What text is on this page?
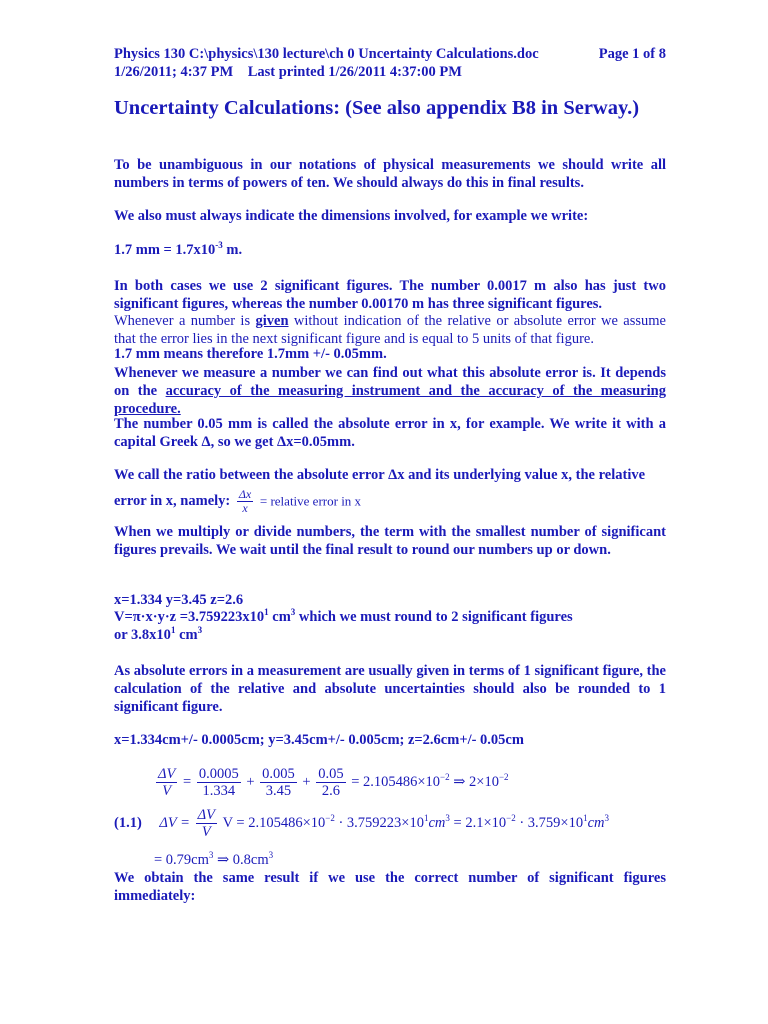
Physics 130 C:\physics\130 lecture\ch 0 Uncertainty Calculations.doc	Page 1 of 8
1/26/2011; 4:37 PM    Last printed 1/26/2011 4:37:00 PM
Uncertainty Calculations: (See also appendix B8 in Serway.)
To be unambiguous in our notations of physical measurements we should write all numbers in terms of powers of ten. We should always do this in final results.
We also must always indicate the dimensions involved, for example we write:
1.7 mm = $1.7x10^{-3}$ m.
In both cases we use 2 significant figures. The number 0.0017 m also has just two significant figures, whereas the number 0.00170 m has three significant figures.
Whenever a number is given without indication of the relative or absolute error we assume that the error lies in the next significant figure and is equal to 5 units of that figure.
1.7 mm means therefore 1.7mm +/- 0.05mm.
Whenever we measure a number we can find out what this absolute error is. It depends on the accuracy of the measuring instrument and the accuracy of the measuring procedure.
The number 0.05 mm is called the absolute error in x, for example. We write it with a capital Greek Δ, so we get Δx=0.05mm.
We call the ratio between the absolute error Δx and its underlying value x, the relative
error in x, namely: $\frac{\Delta x}{x}$ = relative error in x
When we multiply or divide numbers, the term with the smallest number of significant figures prevails. We wait until the final result to round our numbers up or down.
x=1.334 y=3.45 z=2.6
$V=\pi\cdot x\cdot y\cdot z =3.759223x10^1$ $cm^3$ which we must round to 2 significant figures
or $3.8x10^1$ $cm^3$
As absolute errors in a measurement are usually given in terms of 1 significant figure, the calculation of the relative and absolute uncertainties should also be rounded to 1 significant figure.
x=1.334cm+/- 0.0005cm; y=3.45cm+/- 0.005cm; z=2.6cm+/- 0.05cm
$\frac{\Delta V}{V} = \frac{0.0005}{1.334} + \frac{0.005}{3.45} + \frac{0.05}{2.6} = 2.105486\times 10^{-2}$ ⇒ $2\times 10^{-2}$
(1.1) $\Delta V = \frac{\Delta V}{V}$ $V = 2.105486\times 10^{-2} \cdot 3.759223\times 10^1cm^3 = 2.1\times 10^{-2} \cdot 3.759\times 10^1cm^3$
= $0.79cm^3$ ⇒ $0.8cm^3$
We obtain the same result if we use the correct number of significant figures immediately:
